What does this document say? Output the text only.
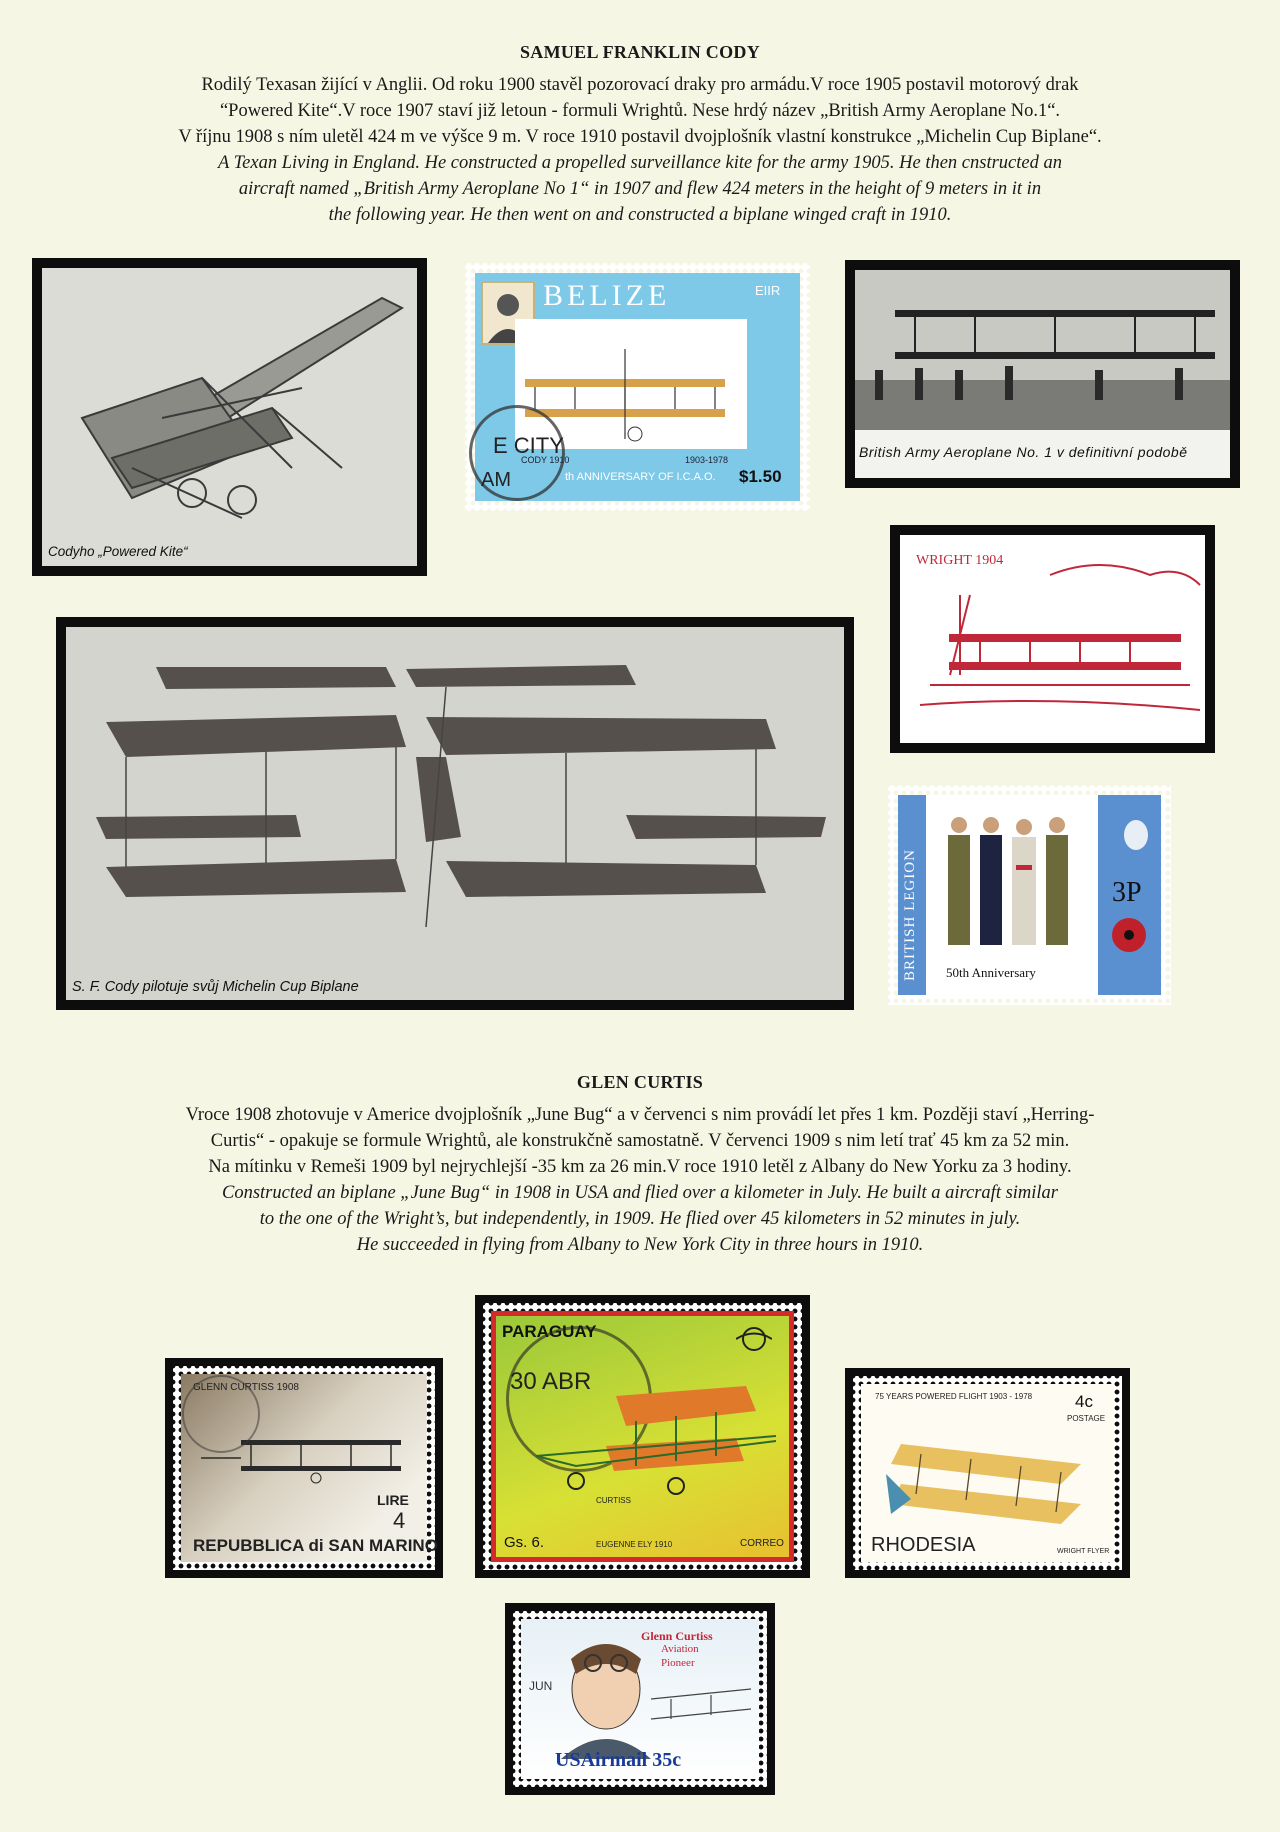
SAMUEL FRANKLIN CODY

Rodilý Texasan žijící v Anglii. Od roku 1900 stavěl pozorovací draky pro armádu.V roce 1905 postavil motorový drak

“Powered Kite“.V roce 1907 staví již letoun - formuli Wrightů. Nese hrdý název „British Army Aeroplane No.1“.

V říjnu 1908 s ním uletěl 424 m ve výšce 9 m. V roce 1910 postavil dvojplošník vlastní konstrukce „Michelin Cup Biplane“.

A Texan Living in England. He constructed a propelled surveillance kite for the army 1905. He then cnstructed an

aircraft named „British Army Aeroplane No 1“ in 1907 and flew 424 meters in the height of 9 meters in it in

the following year. He then went on and constructed a biplane winged craft in 1910.

Codyho „Powered Kite“
BELIZE	EIIR
CODY 1910	1903-1978
th ANNIVERSARY OF I.C.A.O. $1.50
E CITY
AM
British Army Aeroplane No. 1 v definitivní podobě
WRIGHT 1904
S. F. Cody pilotuje svůj Michelin Cup Biplane
BRITISH LEGION	3P
50th Anniversary
GLEN CURTIS

Vroce 1908 zhotovuje v Americe dvojplošník „June Bug“ a v červenci s nim provádí let přes 1 km. Později staví „Herring-

Curtis“ - opakuje se formule Wrightů, ale konstrukčně samostatně. V červenci 1909 s nim letí trať 45 km za 52 min.

Na mítinku v Remeši 1909 byl nejrychlejší -35 km za 26 min.V roce 1910 letěl z Albany do New Yorku za 3 hodiny.

Constructed an biplane „June Bug“ in 1908 in USA and flied over a kilometer in July. He built a aircraft similar

to the one of the Wright’s, but independently, in 1909. He flied over 45 kilometers in 52 minutes in july.

He succeeded in flying from Albany to New York City in three hours in 1910.

GLENN CURTISS 1908
LIRE
4
REPUBBLICA di SAN MARINO
PARAGUAY
30 ABR
CURTISS
Gs. 6.	EUGENNE ELY 1910	CORREO
75 YEARS POWERED FLIGHT 1903 - 1978	4c
POSTAGE
RHODESIA	WRIGHT FLYER
Glenn Curtiss
Aviation
Pioneer
JUN
USAirmail 35c
